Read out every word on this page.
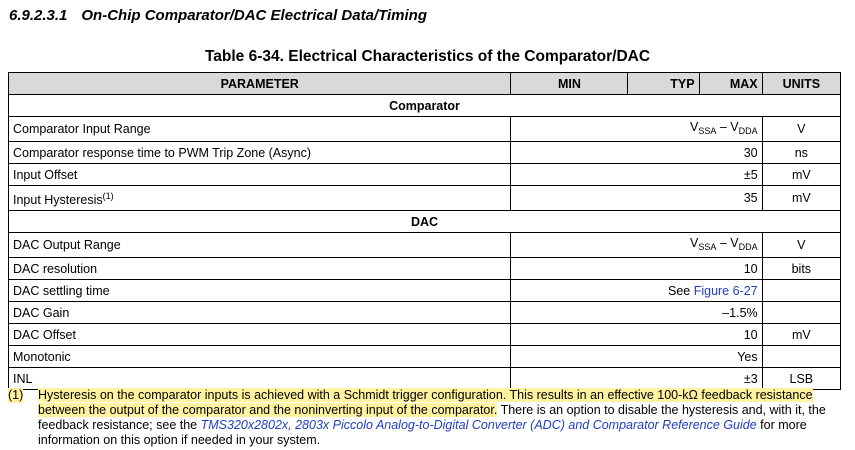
6.9.2.3.1 On-Chip Comparator/DAC Electrical Data/Timing
Table 6-34. Electrical Characteristics of the Comparator/DAC
PARAMETER	MIN	TYP	MAX	UNITS
Comparator				
Comparator Input Range	$V_{SSA} - V_{DDA}$			V
Comparator response time to PWM Trip Zone (Async)	30			ns
Input Offset	±5			mV
Input Hysteresis$^{(1)}$	35			mV
DAC				
DAC Output Range	$V_{SSA} - V_{DDA}$			V
DAC resolution	10			bits
DAC settling time	See Figure 6-27			
DAC Gain	–1.5%			
DAC Offset	10			mV
Monotonic	Yes			
INL	±3			LSB
(1) Hysteresis on the comparator inputs is achieved with a Schmidt trigger configuration. This results in an effective 100-kΩ feedback resistance between the output of the comparator and the noninverting input of the comparator. There is an option to disable the hysteresis and, with it, the feedback resistance; see the TMS320x2802x, 2803x Piccolo Analog-to-Digital Converter (ADC) and Comparator Reference Guide for more information on this option if needed in your system.
